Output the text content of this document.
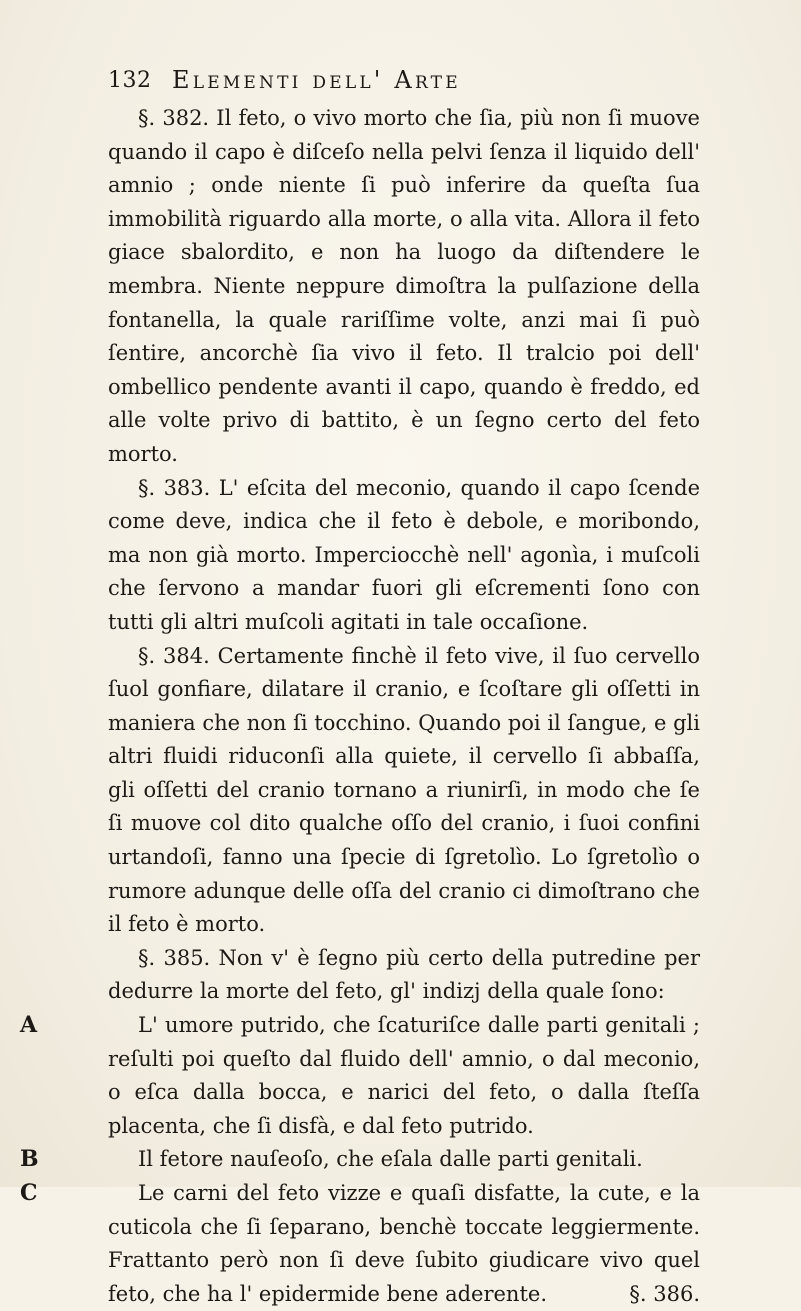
132 Elementi dell' Arte

§. 382. Il feto, o vivo morto che ſia, più non ſi muove quando il capo è diſceſo nella pelvi ſenza il liquido dell' amnio ; onde niente ſi può inferire da queſta ſua immobilità riguardo alla morte, o alla vita. Allora il feto giace sbalordito, e non ha luogo da diſtendere le membra. Niente neppure dimoſtra la pulſazione della fontanella, la quale rariſſime volte, anzi mai ſi può ſentire, ancorchè ſia vivo il feto. Il tralcio poi dell' ombellico pendente avanti il capo, quando è freddo, ed alle volte privo di battito, è un ſegno certo del feto morto.

§. 383. L' eſcita del meconio, quando il capo ſcende come deve, indica che il feto è debole, e moribondo, ma non già morto. Imperciocchè nell' agonìa, i muſcoli che ſervono a mandar fuori gli eſcrementi ſono con tutti gli altri muſcoli agitati in tale occaſione.

§. 384. Certamente finchè il feto vive, il ſuo cervello ſuol gonfiare, dilatare il cranio, e ſcoſtare gli oſſetti in maniera che non ſi tocchino. Quando poi il ſangue, e gli altri fluidi riduconſi alla quiete, il cervello ſi abbaſſa, gli oſſetti del cranio tornano a riunirſi, in modo che ſe ſi muove col dito qualche oſſo del cranio, i ſuoi confini urtandoſi, fanno una ſpecie di ſgretolìo. Lo ſgretolìo o rumore adunque delle oſſa del cranio ci dimoſtrano che il feto è morto.

§. 385. Non v' è ſegno più certo della putredine per dedurre la morte del feto, gl' indizj della quale ſono:

A	L' umore putrido, che ſcaturiſce dalle parti genitali ; reſulti poi queſto dal fluido dell' amnio, o dal meconio, o eſca dalla bocca, e narici del feto, o dalla ſteſſa placenta, che ſi disfà, e dal feto putrido.

B	Il fetore nauſeoſo, che eſala dalle parti genitali.

C	Le carni del feto vizze e quaſi disfatte, la cute, e la cuticola che ſi ſeparano, benchè toccate leggiermente. Frattanto però non ſi deve ſubito giudicare vivo quel feto, che ha l' epidermide bene aderente.	§. 386.
